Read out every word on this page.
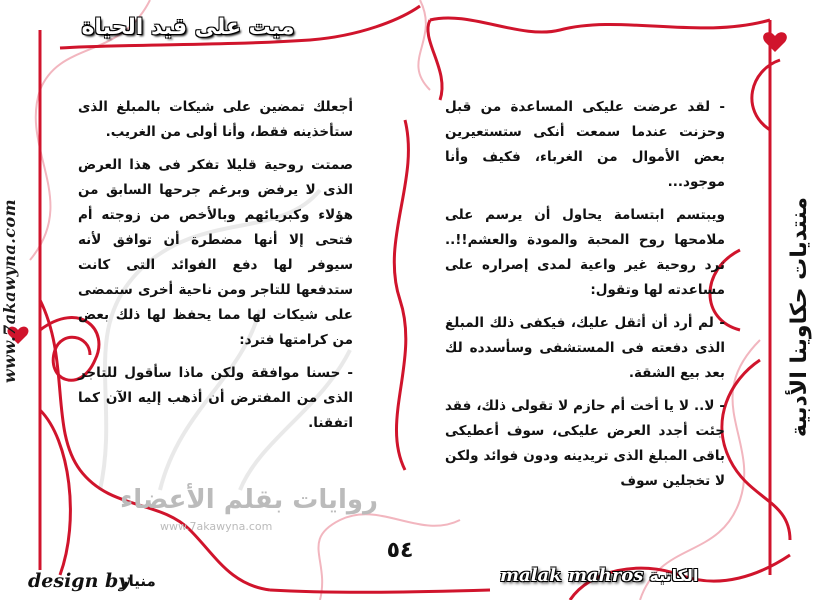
روايات بقلم الأعضاء
www.7akawyna.com
ميت على قيد الحياة
www.7akawyna.com	منتديات حكاوينا الأدبية

- لقد عرضت عليكى المساعدة من قبل وحزنت عندما سمعت أنكى ستستعيرين بعض الأموال من الغرباء، فكيف وأنا موجود...

ويبتسم ابتسامة يحاول أن يرسم على ملامحها روح المحبة والمودة والعشم!!.. ترد روحية غير واعية لمدى إصراره على مساعدته لها وتقول:

- لم أرد أن أثقل عليك، فيكفى ذلك المبلغ الذى دفعته فى المستشفى وسأسدده لك بعد بيع الشقة.

- لا.. لا يا أخت أم حازم لا تقولى ذلك، فقد جئت أجدد العرض عليكى، سوف أعطيكى باقى المبلغ الذى تريدينه ودون فوائد ولكن لا تخجلين سوف

أجعلك تمضين على شيكات بالمبلغ الذى ستأخذينه فقط، وأنا أولى من الغريب.

صمتت روحية قليلا تفكر فى هذا العرض الذى لا يرفض وبرغم جرحها السابق من هؤلاء وكبريائهم وبالأخص من زوجته أم فتحى إلا أنها مضطرة أن توافق لأنه سيوفر لها دفع الفوائد التى كانت ستدفعها للتاجر ومن ناحية أخرى ستمضى على شيكات لها مما يحفظ لها ذلك بعض من كرامتها فترد:

- حسنا موافقة ولكن ماذا سأقول للتاجر الذى من المفترض أن أذهب إليه الآن كما اتفقنا.

٥٤
design by
منيار	malak mahros الكاتبة
